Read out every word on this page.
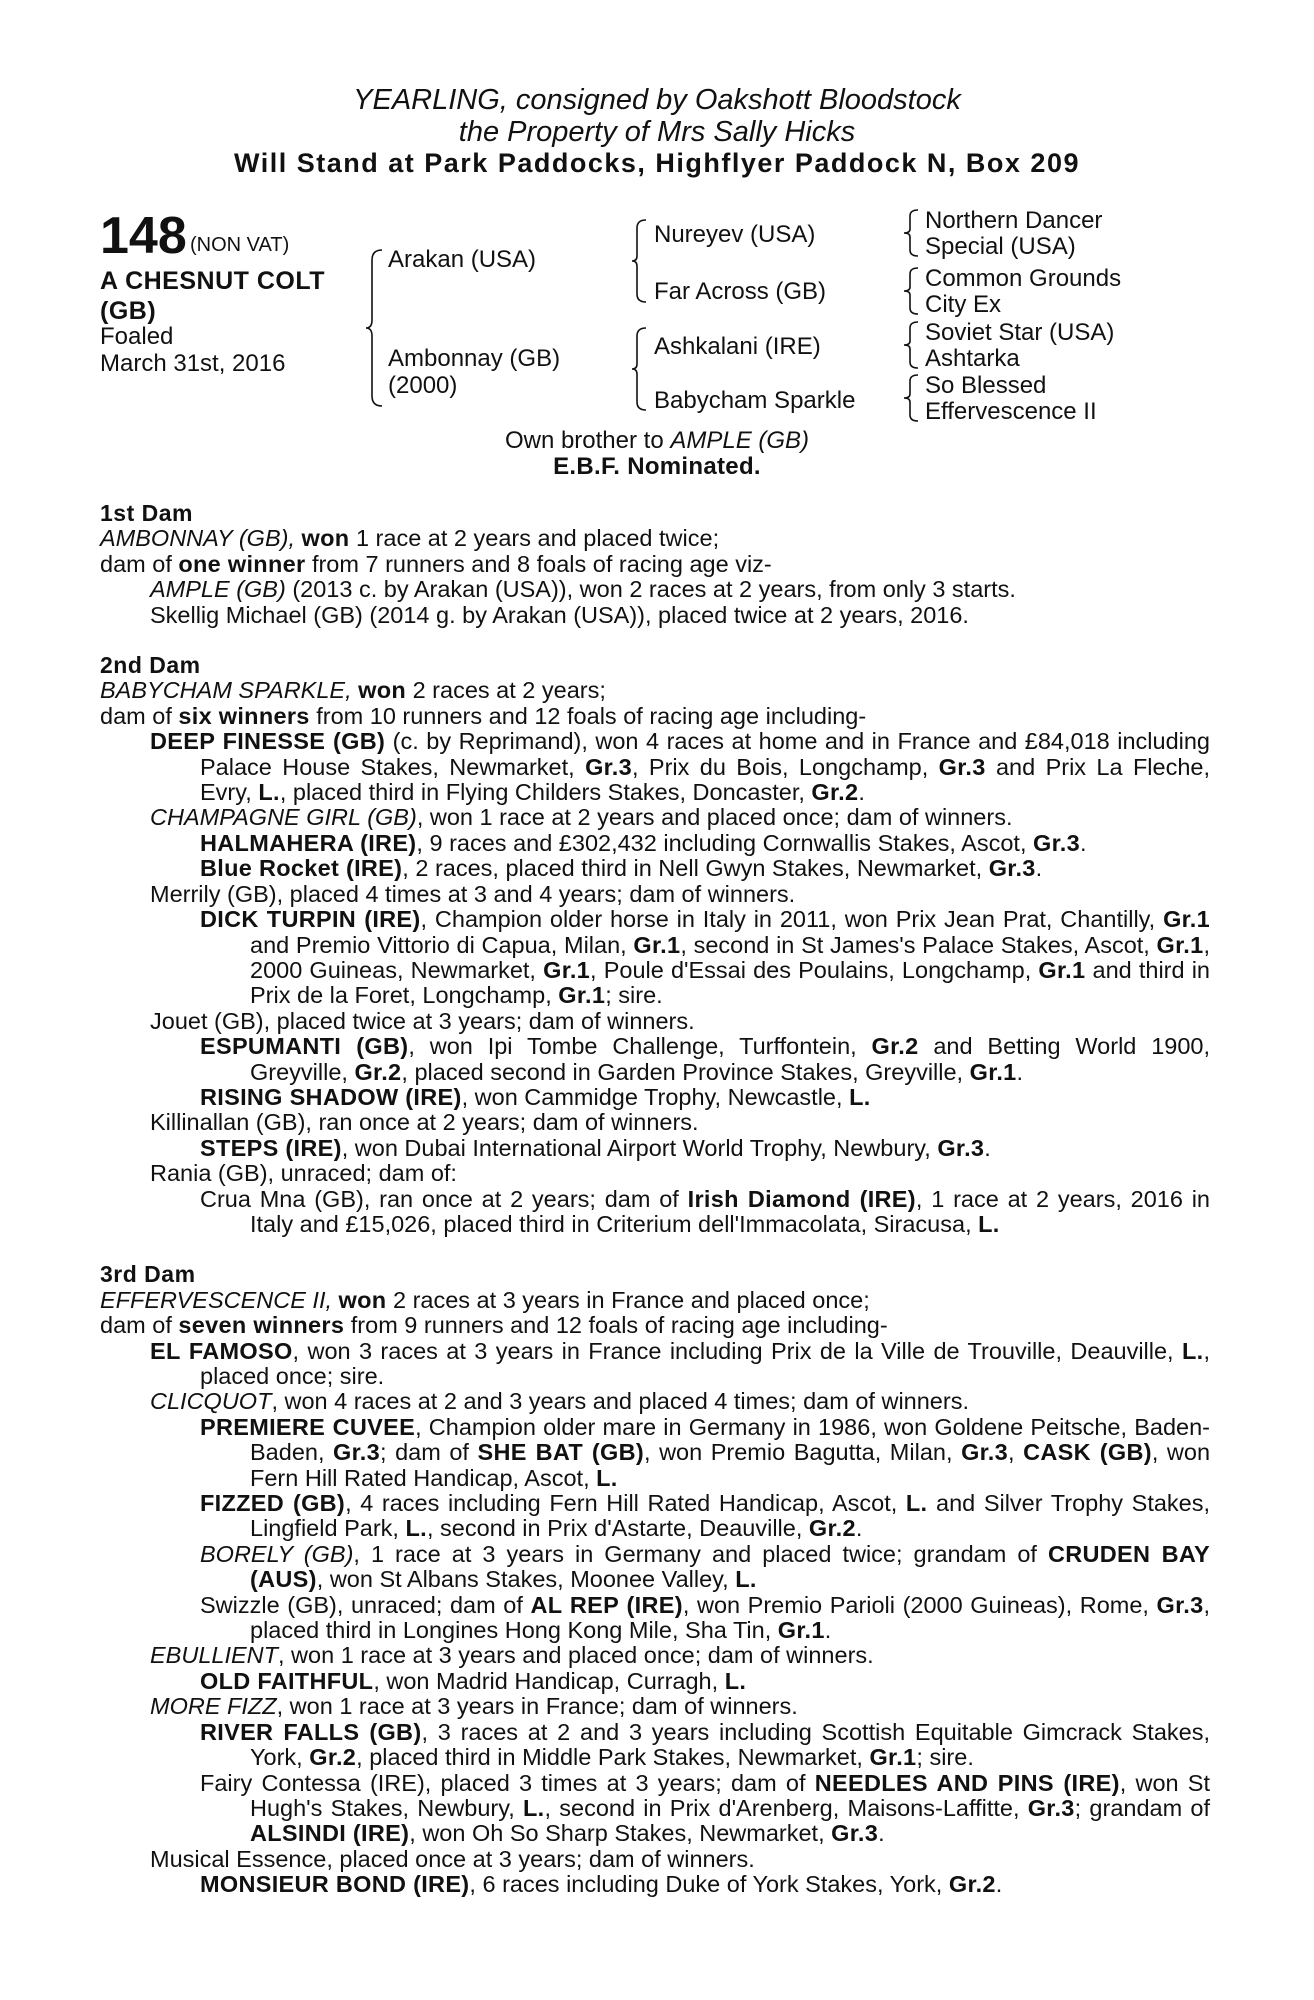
YEARLING, consigned by Oakshott Bloodstock
the Property of Mrs Sally Hicks
Will Stand at Park Paddocks, Highflyer Paddock N, Box 209
148 (NON VAT)
A CHESNUT COLT
(GB)
Foaled
March 31st, 2016
Arakan (USA)
Ambonnay (GB)
(2000)
Nureyev (USA)
Far Across (GB)
Ashkalani (IRE)
Babycham Sparkle
Northern Dancer
Special (USA)
Common Grounds
City Ex
Soviet Star (USA)
Ashtarka
So Blessed
Effervescence II
Own brother to AMPLE (GB)
E.B.F. Nominated.
1st Dam
AMBONNAY (GB), won 1 race at 2 years and placed twice;
dam of one winner from 7 runners and 8 foals of racing age viz-
AMPLE (GB) (2013 c. by Arakan (USA)), won 2 races at 2 years, from only 3 starts.
Skellig Michael (GB) (2014 g. by Arakan (USA)), placed twice at 2 years, 2016.
2nd Dam
BABYCHAM SPARKLE, won 2 races at 2 years;
dam of six winners from 10 runners and 12 foals of racing age including-
DEEP FINESSE (GB) (c. by Reprimand), won 4 races at home and in France and £84,018 including Palace House Stakes, Newmarket, Gr.3, Prix du Bois, Longchamp, Gr.3 and Prix La Fleche, Evry, L., placed third in Flying Childers Stakes, Doncaster, Gr.2.
CHAMPAGNE GIRL (GB), won 1 race at 2 years and placed once; dam of winners.
HALMAHERA (IRE), 9 races and £302,432 including Cornwallis Stakes, Ascot, Gr.3.
Blue Rocket (IRE), 2 races, placed third in Nell Gwyn Stakes, Newmarket, Gr.3.
Merrily (GB), placed 4 times at 3 and 4 years; dam of winners.
DICK TURPIN (IRE), Champion older horse in Italy in 2011, won Prix Jean Prat, Chantilly, Gr.1 and Premio Vittorio di Capua, Milan, Gr.1, second in St James's Palace Stakes, Ascot, Gr.1, 2000 Guineas, Newmarket, Gr.1, Poule d'Essai des Poulains, Longchamp, Gr.1 and third in Prix de la Foret, Longchamp, Gr.1; sire.
Jouet (GB), placed twice at 3 years; dam of winners.
ESPUMANTI (GB), won Ipi Tombe Challenge, Turffontein, Gr.2 and Betting World 1900, Greyville, Gr.2, placed second in Garden Province Stakes, Greyville, Gr.1.
RISING SHADOW (IRE), won Cammidge Trophy, Newcastle, L.
Killinallan (GB), ran once at 2 years; dam of winners.
STEPS (IRE), won Dubai International Airport World Trophy, Newbury, Gr.3.
Rania (GB), unraced; dam of:
Crua Mna (GB), ran once at 2 years; dam of Irish Diamond (IRE), 1 race at 2 years, 2016 in Italy and £15,026, placed third in Criterium dell'Immacolata, Siracusa, L.
3rd Dam
EFFERVESCENCE II, won 2 races at 3 years in France and placed once;
dam of seven winners from 9 runners and 12 foals of racing age including-
EL FAMOSO, won 3 races at 3 years in France including Prix de la Ville de Trouville, Deauville, L., placed once; sire.
CLICQUOT, won 4 races at 2 and 3 years and placed 4 times; dam of winners.
PREMIERE CUVEE, Champion older mare in Germany in 1986, won Goldene Peitsche, Baden-Baden, Gr.3; dam of SHE BAT (GB), won Premio Bagutta, Milan, Gr.3, CASK (GB), won Fern Hill Rated Handicap, Ascot, L.
FIZZED (GB), 4 races including Fern Hill Rated Handicap, Ascot, L. and Silver Trophy Stakes, Lingfield Park, L., second in Prix d'Astarte, Deauville, Gr.2.
BORELY (GB), 1 race at 3 years in Germany and placed twice; grandam of CRUDEN BAY (AUS), won St Albans Stakes, Moonee Valley, L.
Swizzle (GB), unraced; dam of AL REP (IRE), won Premio Parioli (2000 Guineas), Rome, Gr.3, placed third in Longines Hong Kong Mile, Sha Tin, Gr.1.
EBULLIENT, won 1 race at 3 years and placed once; dam of winners.
OLD FAITHFUL, won Madrid Handicap, Curragh, L.
MORE FIZZ, won 1 race at 3 years in France; dam of winners.
RIVER FALLS (GB), 3 races at 2 and 3 years including Scottish Equitable Gimcrack Stakes, York, Gr.2, placed third in Middle Park Stakes, Newmarket, Gr.1; sire.
Fairy Contessa (IRE), placed 3 times at 3 years; dam of NEEDLES AND PINS (IRE), won St Hugh's Stakes, Newbury, L., second in Prix d'Arenberg, Maisons-Laffitte, Gr.3; grandam of ALSINDI (IRE), won Oh So Sharp Stakes, Newmarket, Gr.3.
Musical Essence, placed once at 3 years; dam of winners.
MONSIEUR BOND (IRE), 6 races including Duke of York Stakes, York, Gr.2.
